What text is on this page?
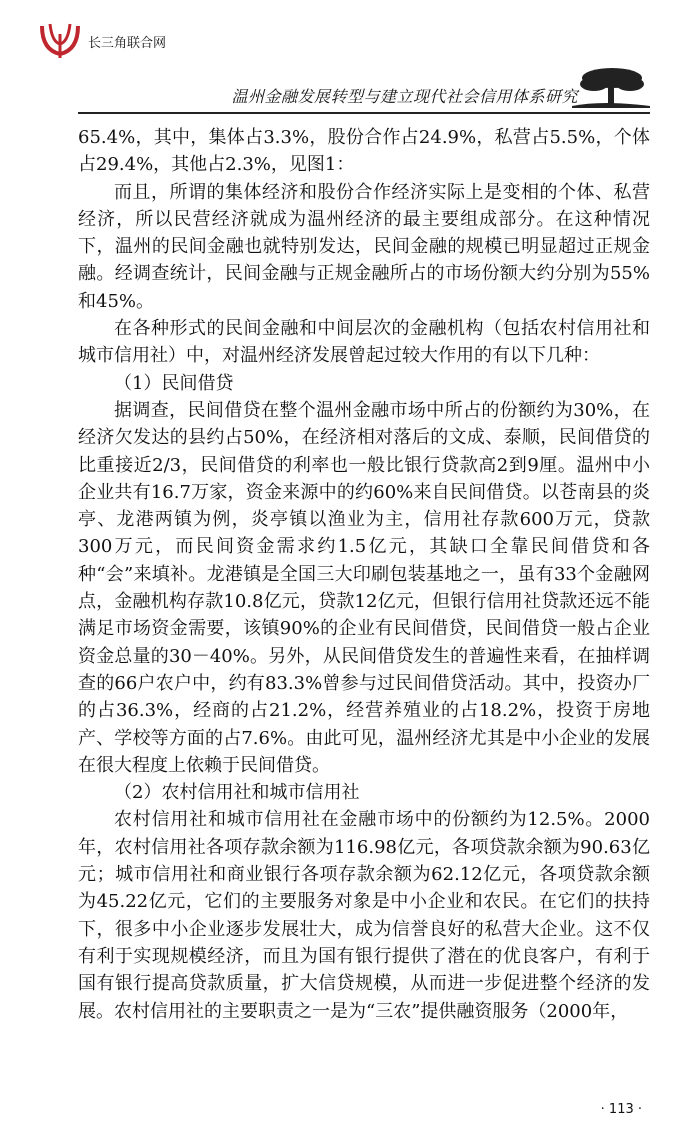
长三角联合网
温州金融发展转型与建立现代社会信用体系研究

65.4%，其中，集体占3.3%，股份合作占24.9%，私营占5.5%，个体占29.4%，其他占2.3%，见图1：

而且，所谓的集体经济和股份合作经济实际上是变相的个体、私营经济，所以民营经济就成为温州经济的最主要组成部分。在这种情况下，温州的民间金融也就特别发达，民间金融的规模已明显超过正规金融。经调查统计，民间金融与正规金融所占的市场份额大约分别为55%和45%。

在各种形式的民间金融和中间层次的金融机构（包括农村信用社和城市信用社）中，对温州经济发展曾起过较大作用的有以下几种：

（1）民间借贷

据调查，民间借贷在整个温州金融市场中所占的份额约为30%，在经济欠发达的县约占50%，在经济相对落后的文成、泰顺，民间借贷的比重接近2/3，民间借贷的利率也一般比银行贷款高2到9厘。温州中小企业共有16.7万家，资金来源中的约60%来自民间借贷。以苍南县的炎亭、龙港两镇为例，炎亭镇以渔业为主，信用社存款600万元，贷款300万元，而民间资金需求约1.5亿元，其缺口全靠民间借贷和各种“会”来填补。龙港镇是全国三大印刷包装基地之一，虽有33个金融网点，金融机构存款10.8亿元，贷款12亿元，但银行信用社贷款还远不能满足市场资金需要，该镇90%的企业有民间借贷，民间借贷一般占企业资金总量的30－40%。另外，从民间借贷发生的普遍性来看，在抽样调查的66户农户中，约有83.3%曾参与过民间借贷活动。其中，投资办厂的占36.3%，经商的占21.2%，经营养殖业的占18.2%，投资于房地产、学校等方面的占7.6%。由此可见，温州经济尤其是中小企业的发展在很大程度上依赖于民间借贷。

（2）农村信用社和城市信用社

农村信用社和城市信用社在金融市场中的份额约为12.5%。2000年，农村信用社各项存款余额为116.98亿元，各项贷款余额为90.63亿元；城市信用社和商业银行各项存款余额为62.12亿元，各项贷款余额为45.22亿元，它们的主要服务对象是中小企业和农民。在它们的扶持下，很多中小企业逐步发展壮大，成为信誉良好的私营大企业。这不仅有利于实现规模经济，而且为国有银行提供了潜在的优良客户，有利于国有银行提高贷款质量，扩大信贷规模，从而进一步促进整个经济的发展。农村信用社的主要职责之一是为“三农”提供融资服务（2000年，

· 113 ·
